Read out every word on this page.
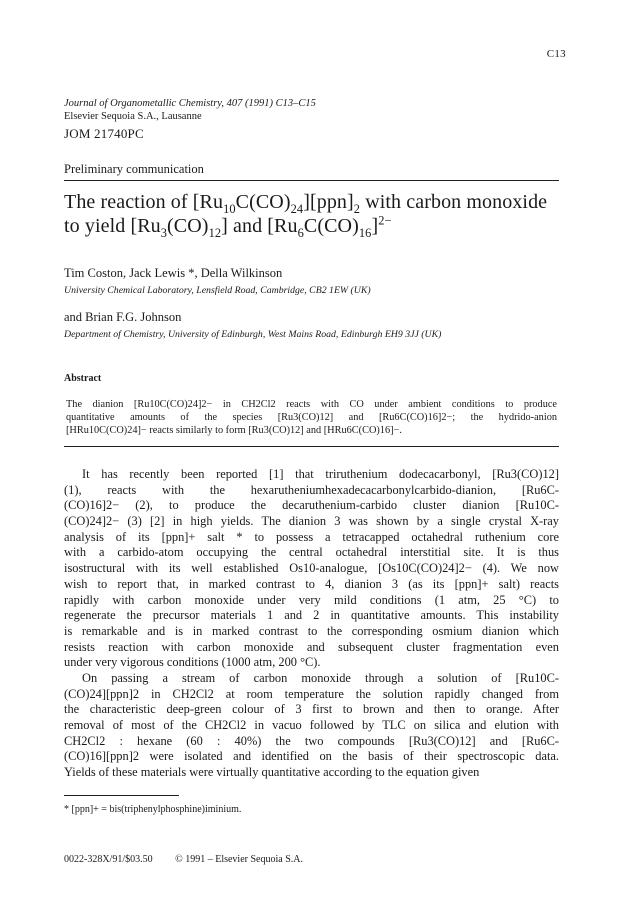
C13
Journal of Organometallic Chemistry, 407 (1991) C13–C15
Elsevier Sequoia S.A., Lausanne
JOM 21740PC
Preliminary communication
The reaction of $[Ru_{10}C(CO)_{24}][ppn]_2$ with carbon monoxide
to yield $[Ru_3(CO)_{12}]$ and $[Ru_6C(CO)_{16}]^{2-}$
Tim Coston, Jack Lewis *, Della Wilkinson
University Chemical Laboratory, Lensfield Road, Cambridge, CB2 1EW (UK)
and Brian F.G. Johnson
Department of Chemistry, University of Edinburgh, West Mains Road, Edinburgh EH9 3JJ (UK)
Abstract
The dianion [Ru10C(CO)24]2− in CH2Cl2 reacts with CO under ambient conditions to produce
quantitative amounts of the species [Ru3(CO)12] and [Ru6C(CO)16]2−; the hydrido-anion
[HRu10C(CO)24]− reacts similarly to form [Ru3(CO)12] and [HRu6C(CO)16]−.
It has recently been reported [1] that triruthenium dodecacarbonyl, [Ru3(CO)12]
(1), reacts with the hexarutheniumhexadecacarbonylcarbido-dianion, [Ru6C-
(CO)16]2− (2), to produce the decaruthenium-carbido cluster dianion [Ru10C-
(CO)24]2− (3) [2] in high yields. The dianion 3 was shown by a single crystal X-ray
analysis of its [ppn]+ salt * to possess a tetracapped octahedral ruthenium core
with a carbido-atom occupying the central octahedral interstitial site. It is thus
isostructural with its well established Os10-analogue, [Os10C(CO)24]2− (4). We now
wish to report that, in marked contrast to 4, dianion 3 (as its [ppn]+ salt) reacts
rapidly with carbon monoxide under very mild conditions (1 atm, 25 °C) to
regenerate the precursor materials 1 and 2 in quantitative amounts. This instability
is remarkable and is in marked contrast to the corresponding osmium dianion which
resists reaction with carbon monoxide and subsequent cluster fragmentation even
under very vigorous conditions (1000 atm, 200 °C).
On passing a stream of carbon monoxide through a solution of [Ru10C-
(CO)24][ppn]2 in CH2Cl2 at room temperature the solution rapidly changed from
the characteristic deep-green colour of 3 first to brown and then to orange. After
removal of most of the CH2Cl2 in vacuo followed by TLC on silica and elution with
CH2Cl2 : hexane (60 : 40%) the two compounds [Ru3(CO)12] and [Ru6C-
(CO)16][ppn]2 were isolated and identified on the basis of their spectroscopic data.
Yields of these materials were virtually quantitative according to the equation given
* [ppn]+ = bis(triphenylphosphine)iminium.
0022-328X/91/$03.50 © 1991 – Elsevier Sequoia S.A.
